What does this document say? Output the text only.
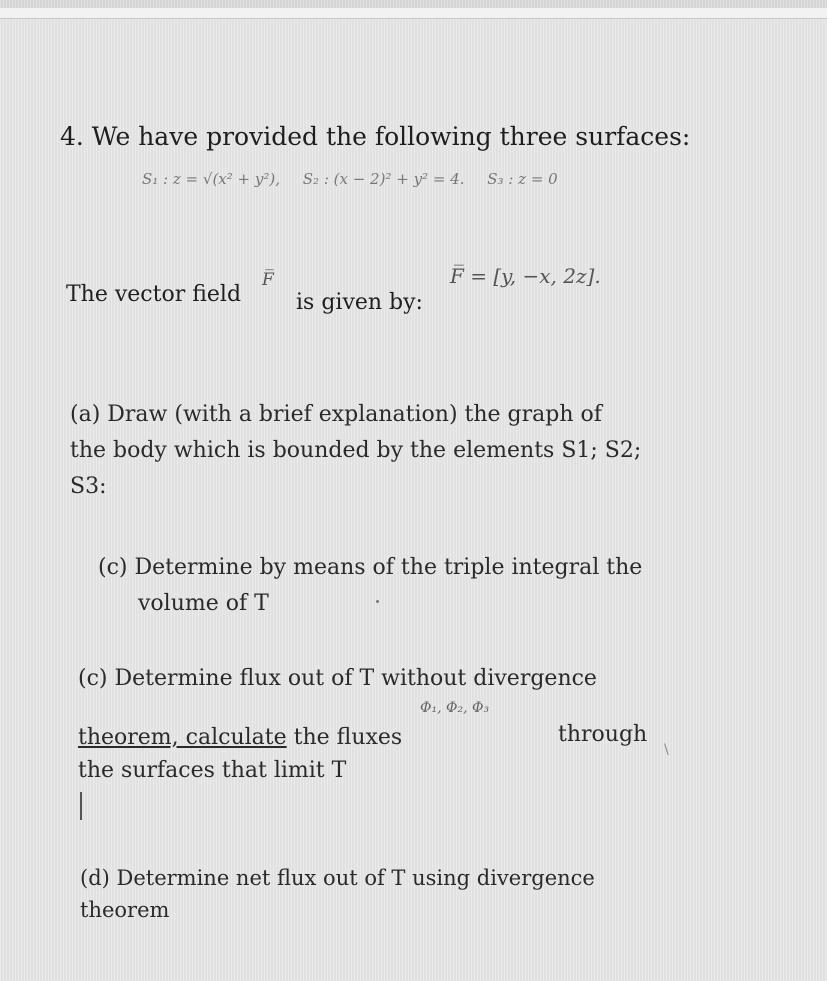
4. We have provided the following three surfaces:
S₁ : z = √(x² + y²), S₂ : (x − 2)² + y² = 4. S₃ : z = 0
The vector field
F̅
is given by:
F̅ = [y, −x, 2z].
(a) Draw (with a brief explanation) the graph of
the body which is bounded by the elements S1; S2;
S3:
(c) Determine by means of the triple integral the
volume of T
(c) Determine flux out of T without divergence
theorem, calculate the fluxes
Φ₁, Φ₂, Φ₃
through
\
the surfaces that limit T
(d) Determine net flux out of T using divergence
theorem
